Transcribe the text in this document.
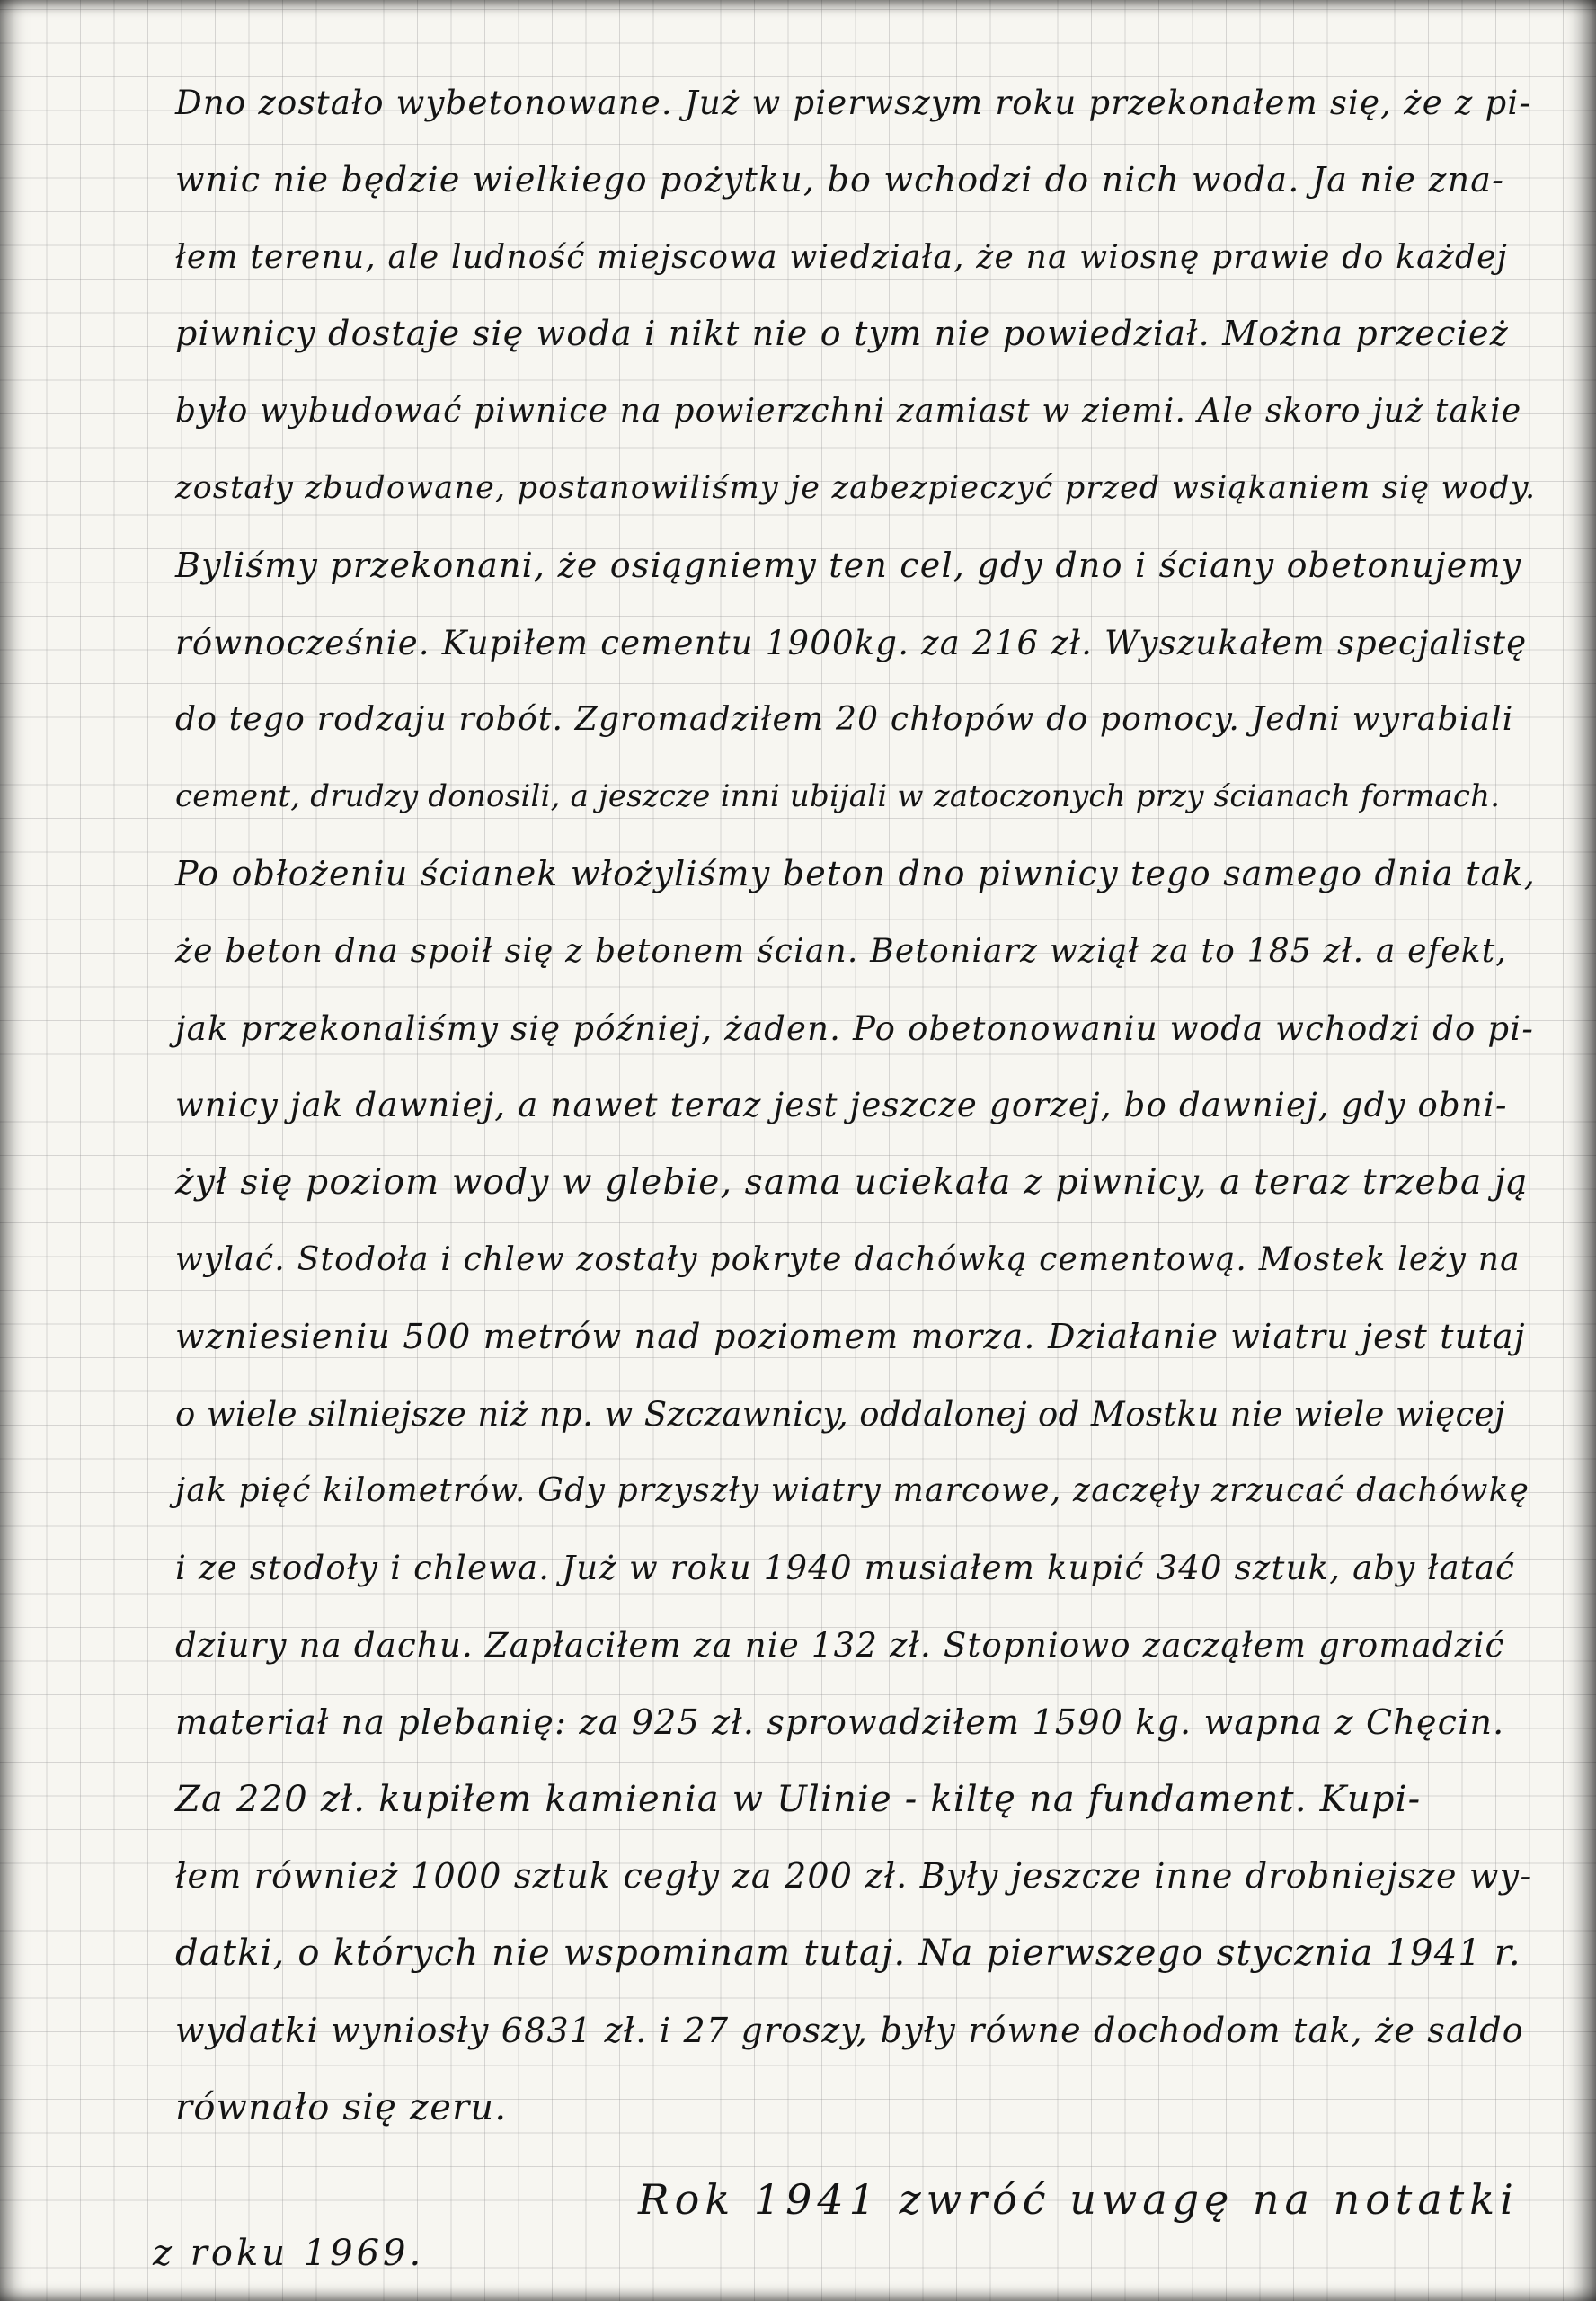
Dno zostało wybetonowane. Już w pierwszym roku przekonałem się, że z pi-
wnic nie będzie wielkiego pożytku, bo wchodzi do nich woda. Ja nie zna-
łem terenu, ale ludność miejscowa wiedziała, że na wiosnę prawie do każdej
piwnicy dostaje się woda i nikt nie o tym nie powiedział. Można przecież
było wybudować piwnice na powierzchni zamiast w ziemi. Ale skoro już takie
zostały zbudowane, postanowiliśmy je zabezpieczyć przed wsiąkaniem się wody.
Byliśmy przekonani, że osiągniemy ten cel, gdy dno i ściany obetonujemy
równocześnie. Kupiłem cementu 1900kg. za 216 zł. Wyszukałem specjalistę
do tego rodzaju robót. Zgromadziłem 20 chłopów do pomocy. Jedni wyrabiali
cement, drudzy donosili, a jeszcze inni ubijali w zatoczonych przy ścianach formach.
Po obłożeniu ścianek włożyliśmy beton dno piwnicy tego samego dnia tak,
że beton dna spoił się z betonem ścian. Betoniarz wziął za to 185 zł. a efekt,
jak przekonaliśmy się później, żaden. Po obetonowaniu woda wchodzi do pi-
wnicy jak dawniej, a nawet teraz jest jeszcze gorzej, bo dawniej, gdy obni-
żył się poziom wody w glebie, sama uciekała z piwnicy, a teraz trzeba ją
wylać. Stodoła i chlew zostały pokryte dachówką cementową. Mostek leży na
wzniesieniu 500 metrów nad poziomem morza. Działanie wiatru jest tutaj
o wiele silniejsze niż np. w Szczawnicy, oddalonej od Mostku nie wiele więcej
jak pięć kilometrów. Gdy przyszły wiatry marcowe, zaczęły zrzucać dachówkę
i ze stodoły i chlewa. Już w roku 1940 musiałem kupić 340 sztuk, aby łatać
dziury na dachu. Zapłaciłem za nie 132 zł. Stopniowo zacząłem gromadzić
materiał na plebanię: za 925 zł. sprowadziłem 1590 kg. wapna z Chęcin.
Za 220 zł. kupiłem kamienia w Ulinie - kiltę na fundament. Kupi-
łem również 1000 sztuk cegły za 200 zł. Były jeszcze inne drobniejsze wy-
datki, o których nie wspominam tutaj. Na pierwszego stycznia 1941 r.
wydatki wyniosły 6831 zł. i 27 groszy, były równe dochodom tak, że saldo
równało się zeru.
Rok 1941 zwróć uwagę na notatki
z roku 1969.
